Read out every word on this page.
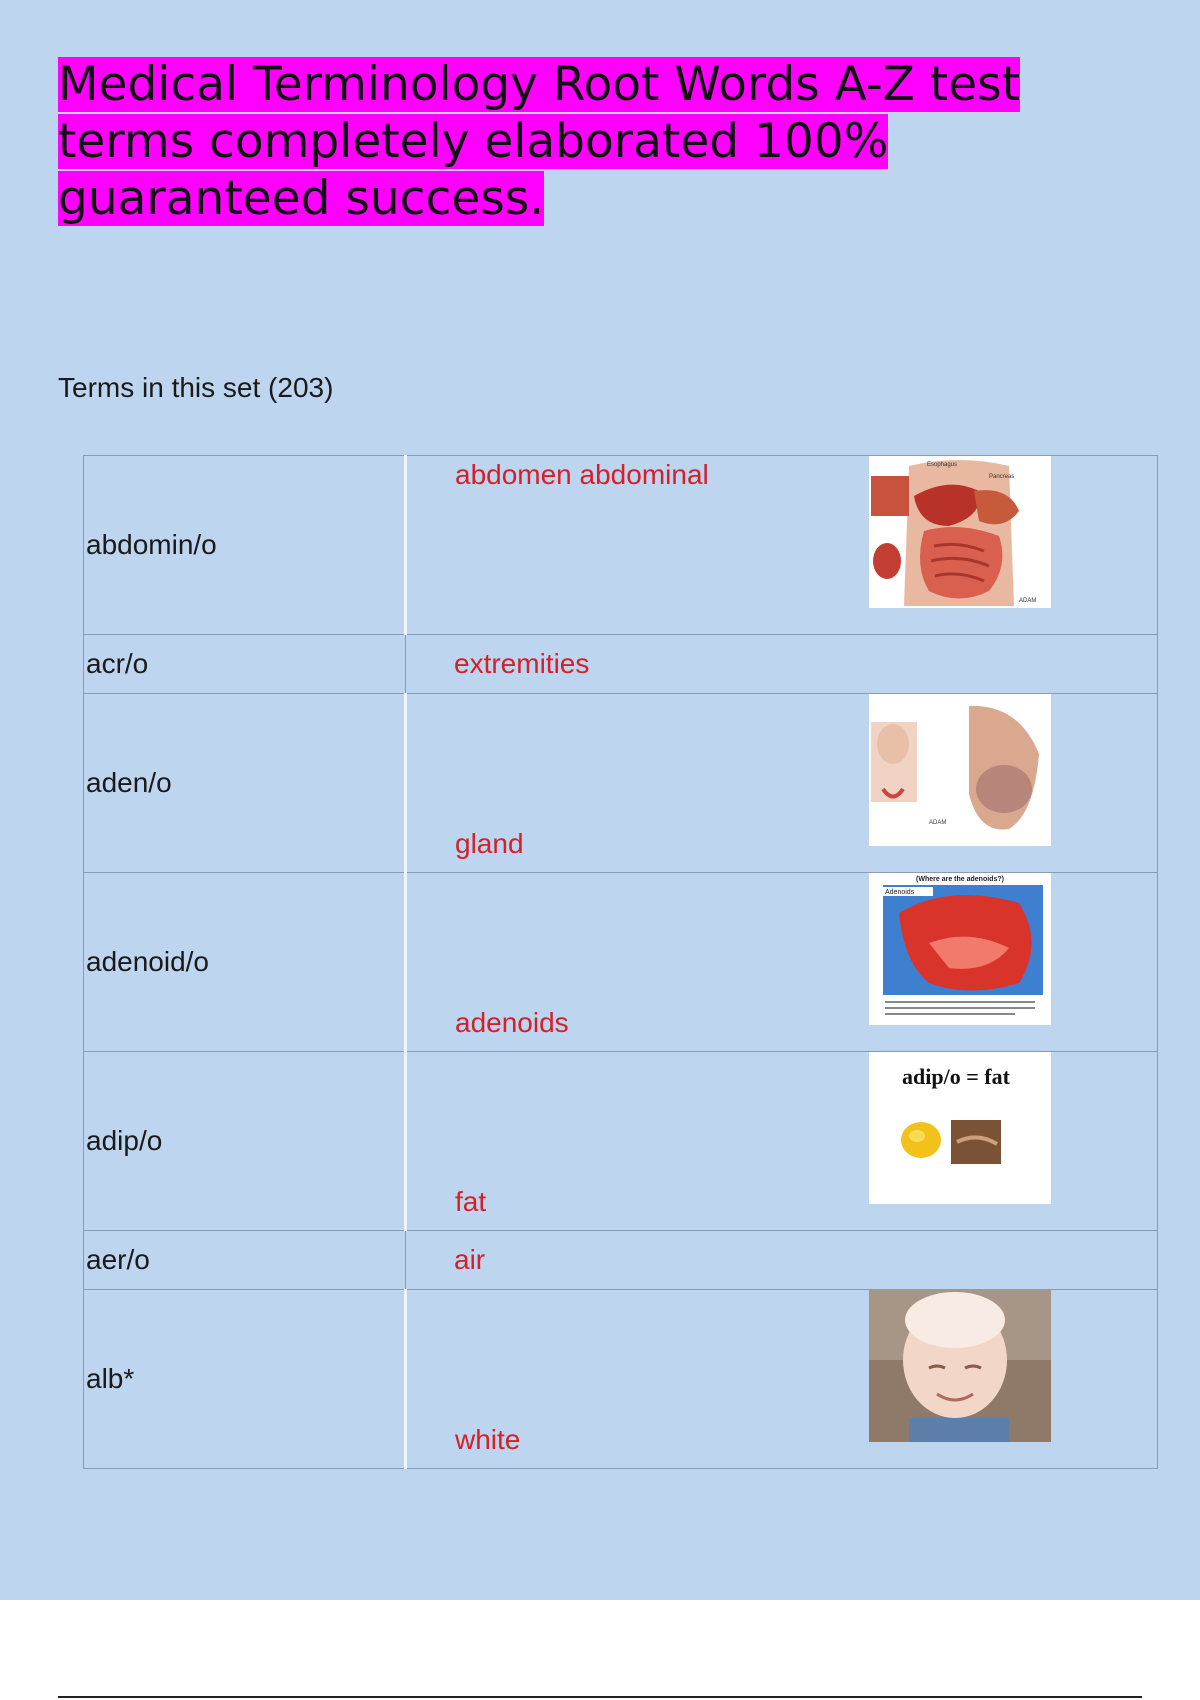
Medical Terminology Root Words A-Z test terms completely elaborated 100% guaranteed success.
Terms in this set (203)
abdomin/o	abdomen abdominal Esophagus
Pancreas
ADAM

acr/o	extremities

aden/o	gland
ADAM

adenoid/o	adenoids
(Where are the adenoids?)
Adenoids

adip/o	fat
adip/o = fat

aer/o	air

alb*	white
